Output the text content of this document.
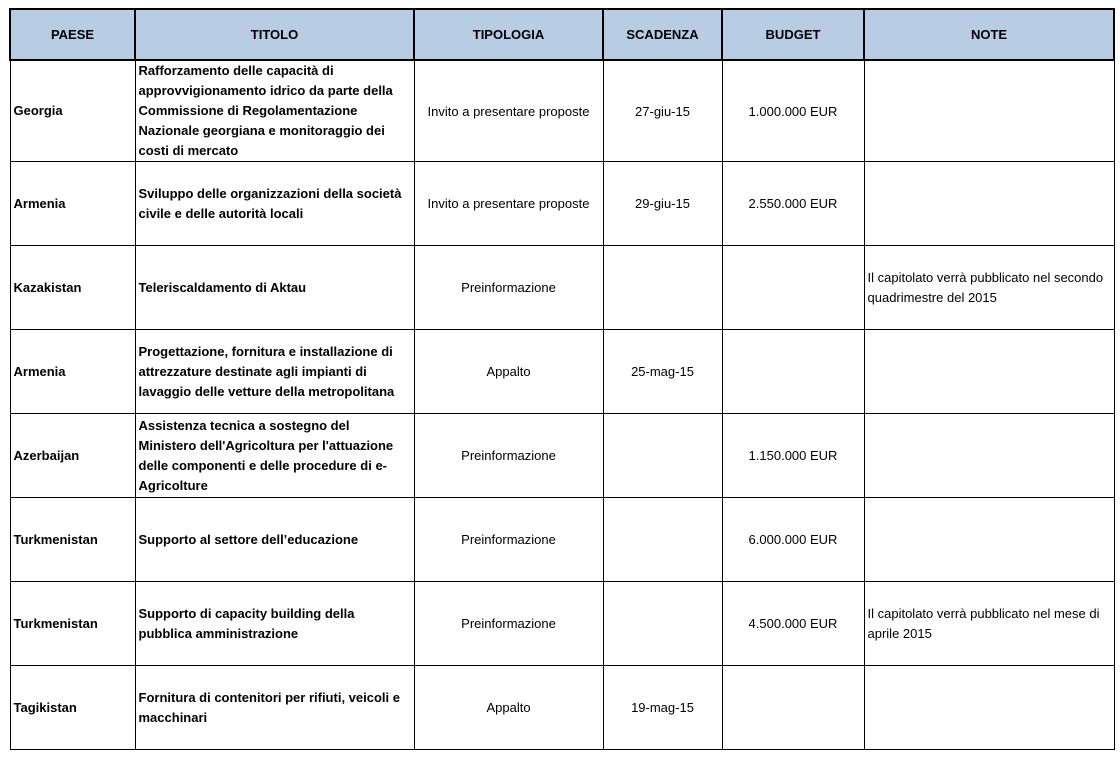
PAESE	TITOLO	TIPOLOGIA	SCADENZA	BUDGET	NOTE
Georgia	Rafforzamento delle capacità di approvvigionamento idrico da parte della Commissione di Regolamentazione Nazionale georgiana e monitoraggio dei costi di mercato	Invito a presentare proposte	27-giu-15	1.000.000 EUR	
Armenia	Sviluppo delle organizzazioni della società civile e delle autorità locali	Invito a presentare proposte	29-giu-15	2.550.000 EUR	
Kazakistan	Teleriscaldamento di Aktau	Preinformazione			Il capitolato verrà pubblicato nel secondo quadrimestre del 2015
Armenia	Progettazione, fornitura e installazione di attrezzature destinate agli impianti di lavaggio delle vetture della metropolitana	Appalto	25-mag-15		
Azerbaijan	Assistenza tecnica a sostegno del Ministero dell'Agricoltura per l'attuazione delle componenti e delle procedure di e-Agricolture	Preinformazione		1.150.000 EUR	
Turkmenistan	Supporto al settore dell’educazione	Preinformazione		6.000.000 EUR	
Turkmenistan	Supporto di capacity building della pubblica amministrazione	Preinformazione		4.500.000 EUR	Il capitolato verrà pubblicato nel mese di aprile 2015
Tagikistan	Fornitura di contenitori per rifiuti, veicoli e macchinari	Appalto	19-mag-15		
